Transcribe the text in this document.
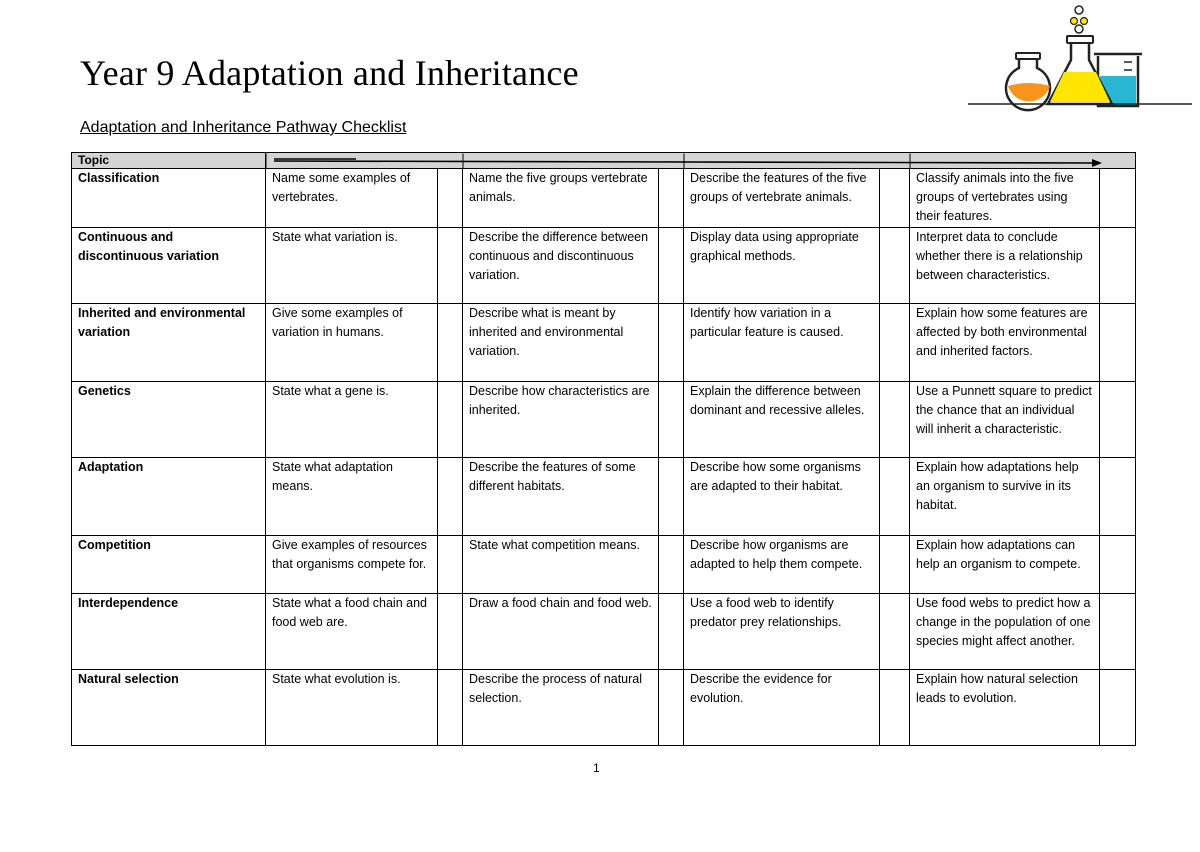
Year 9 Adaptation and Inheritance
Adaptation and Inheritance Pathway Checklist
Topic	

Classification	Name some examples of vertebrates.		Name the five groups vertebrate animals.		Describe the features of the five groups of vertebrate animals.		Classify animals into the five groups of vertebrates using their features.	
Continuous and discontinuous variation	State what variation is.		Describe the difference between continuous and discontinuous variation.		Display data using appropriate graphical methods.		Interpret data to conclude whether there is a relationship between characteristics.	
Inherited and environmental variation	Give some examples of variation in humans.		Describe what is meant by inherited and environmental variation.		Identify how variation in a particular feature is caused.		Explain how some features are affected by both environmental and inherited factors.	
Genetics	State what a gene is.		Describe how characteristics are inherited.		Explain the difference between dominant and recessive alleles.		Use a Punnett square to predict the chance that an individual will inherit a characteristic.	
Adaptation	State what adaptation means.		Describe the features of some different habitats.		Describe how some organisms are adapted to their habitat.		Explain how adaptations help an organism to survive in its habitat.	
Competition	Give examples of resources that organisms compete for.		State what competition means.		Describe how organisms are adapted to help them compete.		Explain how adaptations can help an organism to compete.	
Interdependence	State what a food chain and food web are.		Draw a food chain and food web.		Use a food web to identify predator prey relationships.		Use food webs to predict how a change in the population of one species might affect another.	
Natural selection	State what evolution is.		Describe the process of natural selection.		Describe the evidence for evolution.		Explain how natural selection leads to evolution.	
1
